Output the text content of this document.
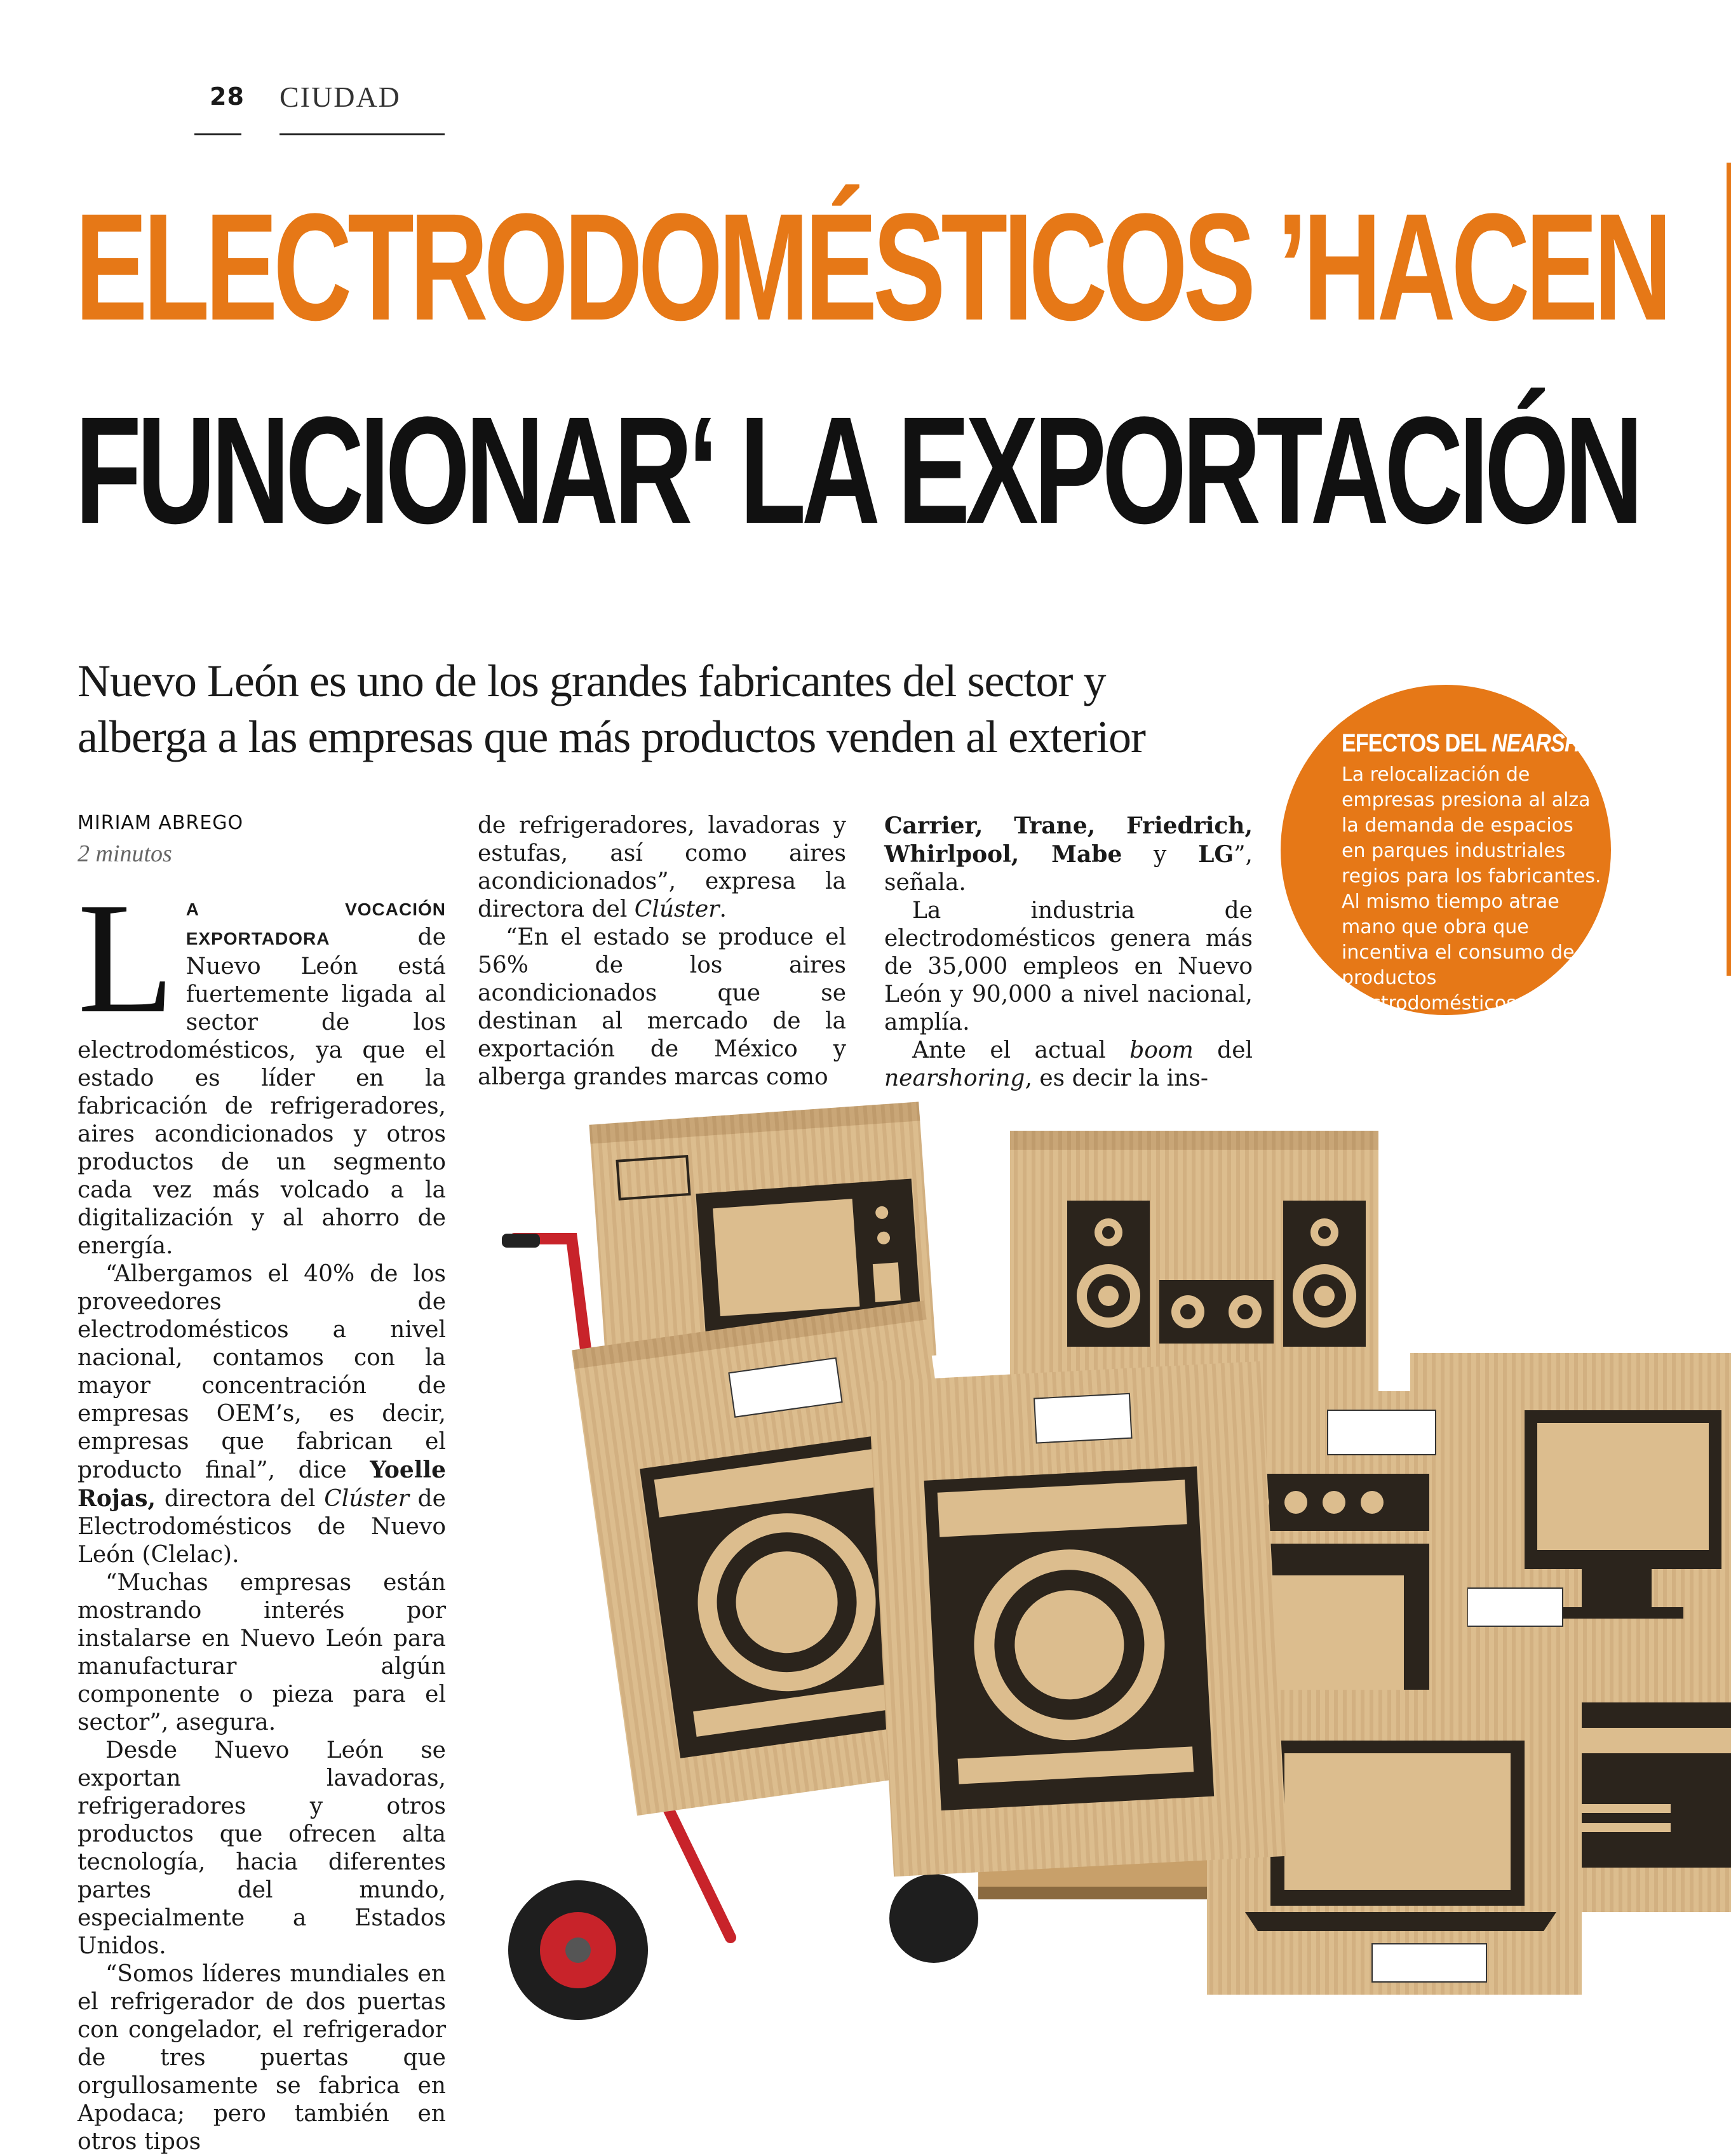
28 CIUDAD
ELECTRODOMÉSTICOS ’HACEN
FUNCIONAR‘ LA EXPORTACIÓN
Nuevo León es uno de los grandes fabricantes del sector y alberga a las empresas que más productos venden al exterior
MIRIAM ABREGO
2 minutos

L A VOCACIÓN EXPORTADORA de Nuevo León está fuertemente ligada al sector de los electrodomésticos, ya que el estado es líder en la fabricación de refrigeradores, aires acondicionados y otros productos de un segmento cada vez más volcado a la digitalización y al ahorro de energía.

“Albergamos el 40% de los proveedores de electrodomésticos a nivel nacional, contamos con la mayor concentración de empresas OEM’s, es decir, empresas que fabrican el producto final”, dice Yoelle Rojas, directora del Clúster de Electrodomésticos de Nuevo León (Clelac).

“Muchas empresas están mostrando interés por instalarse en Nuevo León para manufacturar algún componente o pieza para el sector”, asegura.

Desde Nuevo León se exportan lavadoras, refrigeradores y otros productos que ofrecen alta tecnología, hacia diferentes partes del mundo, especialmente a Estados Unidos.

“Somos líderes mundiales en el refrigerador de dos puertas con congelador, el refrigerador de tres puertas que orgullosamente se fabrica en Apodaca; pero también en otros tipos

de refrigeradores, lavadoras y estufas, así como aires acondicionados”, expresa la directora del Clúster.

“En el estado se produce el 56% de los aires acondicionados que se destinan al mercado de la exportación de México y alberga grandes marcas como

Carrier, Trane, Friedrich, Whirlpool, Mabe y LG”, señala.

La industria de electrodomésticos genera más de 35,000 empleos en Nuevo León y 90,000 a nivel nacional, amplía.

Ante el actual boom del nearshoring, es decir la ins-

EFECTOS DEL NEARSHORING
La relocalización de empresas presiona al alza la demanda de espacios en parques industriales regios para los fabricantes. Al mismo tiempo atrae mano que obra que incentiva el consumo de productos electrodomésticos
